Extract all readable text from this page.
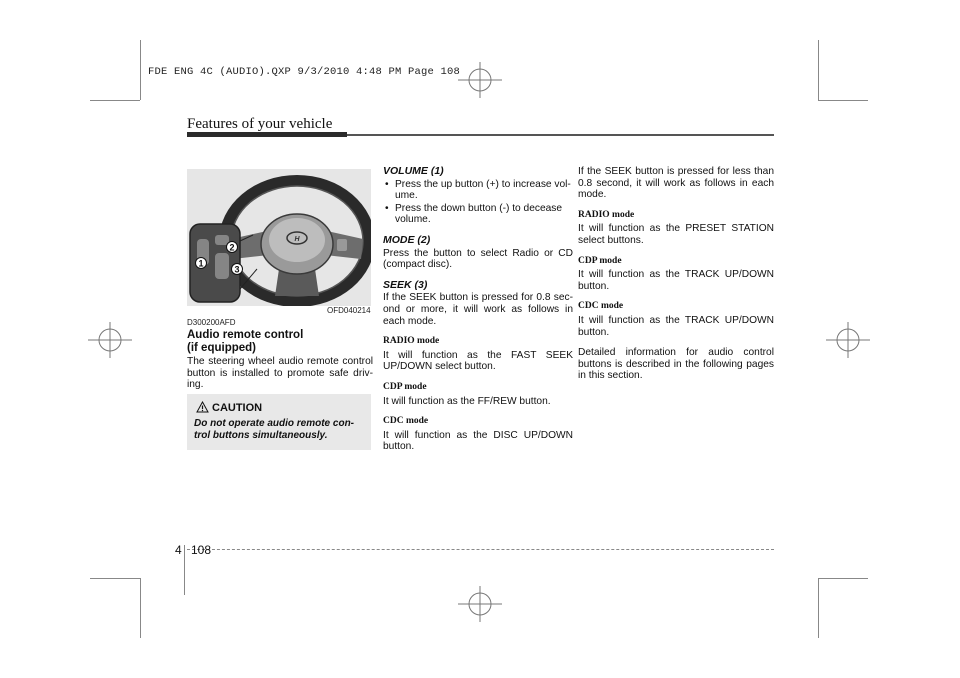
FDE ENG 4C (AUDIO).QXP 9/3/2010 4:48 PM Page 108
Features of your vehicle
H
1
2
3
OFD040214
D300200AFD
Audio remote control
(if equipped)

The steering wheel audio remote control button is installed to promote safe driv-ing.

CAUTION
Do not operate audio remote con-trol buttons simultaneously.
VOLUME (1)
• Press the up button (+) to increase vol-ume.
• Press the down button (-) to decease volume.
MODE (2)

Press the button to select Radio or CD (compact disc).

SEEK (3)

If the SEEK button is pressed for 0.8 sec-ond or more, it will work as follows in each mode.

RADIO mode

It will function as the FAST SEEK UP/DOWN select button.

CDP mode

It will function as the FF/REW button.

CDC mode

It will function as the DISC UP/DOWN button.

If the SEEK button is pressed for less than 0.8 second, it will work as follows in each mode.

RADIO mode

It will function as the PRESET STATION select buttons.

CDP mode

It will function as the TRACK UP/DOWN button.

CDC mode

It will function as the TRACK UP/DOWN button.

Detailed information for audio control buttons is described in the following pages in this section.

4 108
